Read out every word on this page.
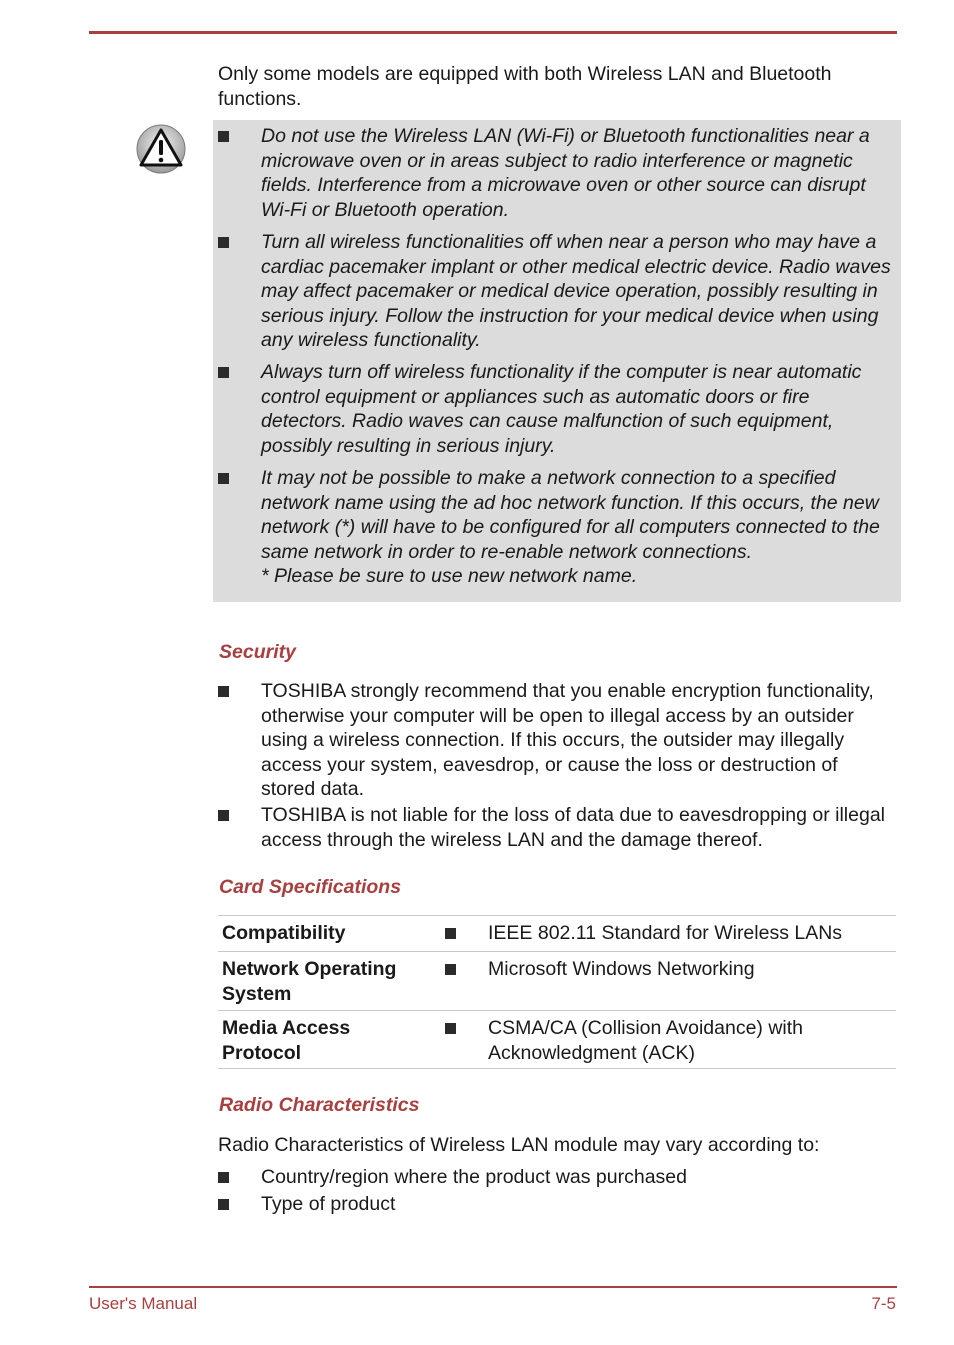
Only some models are equipped with both Wireless LAN and Bluetooth functions.

Do not use the Wireless LAN (Wi-Fi) or Bluetooth functionalities near a microwave oven or in areas subject to radio interference or magnetic fields. Interference from a microwave oven or other source can disrupt Wi-Fi or Bluetooth operation.
Turn all wireless functionalities off when near a person who may have a cardiac pacemaker implant or other medical electric device. Radio waves may affect pacemaker or medical device operation, possibly resulting in serious injury. Follow the instruction for your medical device when using any wireless functionality.
Always turn off wireless functionality if the computer is near automatic control equipment or appliances such as automatic doors or fire detectors. Radio waves can cause malfunction of such equipment, possibly resulting in serious injury.
It may not be possible to make a network connection to a specified network name using the ad hoc network function. If this occurs, the new network (*) will have to be configured for all computers connected to the same network in order to re-enable network connections.
* Please be sure to use new network name.
Security
TOSHIBA strongly recommend that you enable encryption functionality, otherwise your computer will be open to illegal access by an outsider using a wireless connection. If this occurs, the outsider may illegally access your system, eavesdrop, or cause the loss or destruction of stored data.
TOSHIBA is not liable for the loss of data due to eavesdropping or illegal access through the wireless LAN and the damage thereof.
Card Specifications
Compatibility	IEEE 802.11 Standard for Wireless LANs
Network Operating System
Microsoft Windows Networking
Media Access Protocol
CSMA/CA (Collision Avoidance) with Acknowledgment (ACK)
Radio Characteristics

Radio Characteristics of Wireless LAN module may vary according to:

Country/region where the product was purchased
Type of product
User's Manual	7-5
